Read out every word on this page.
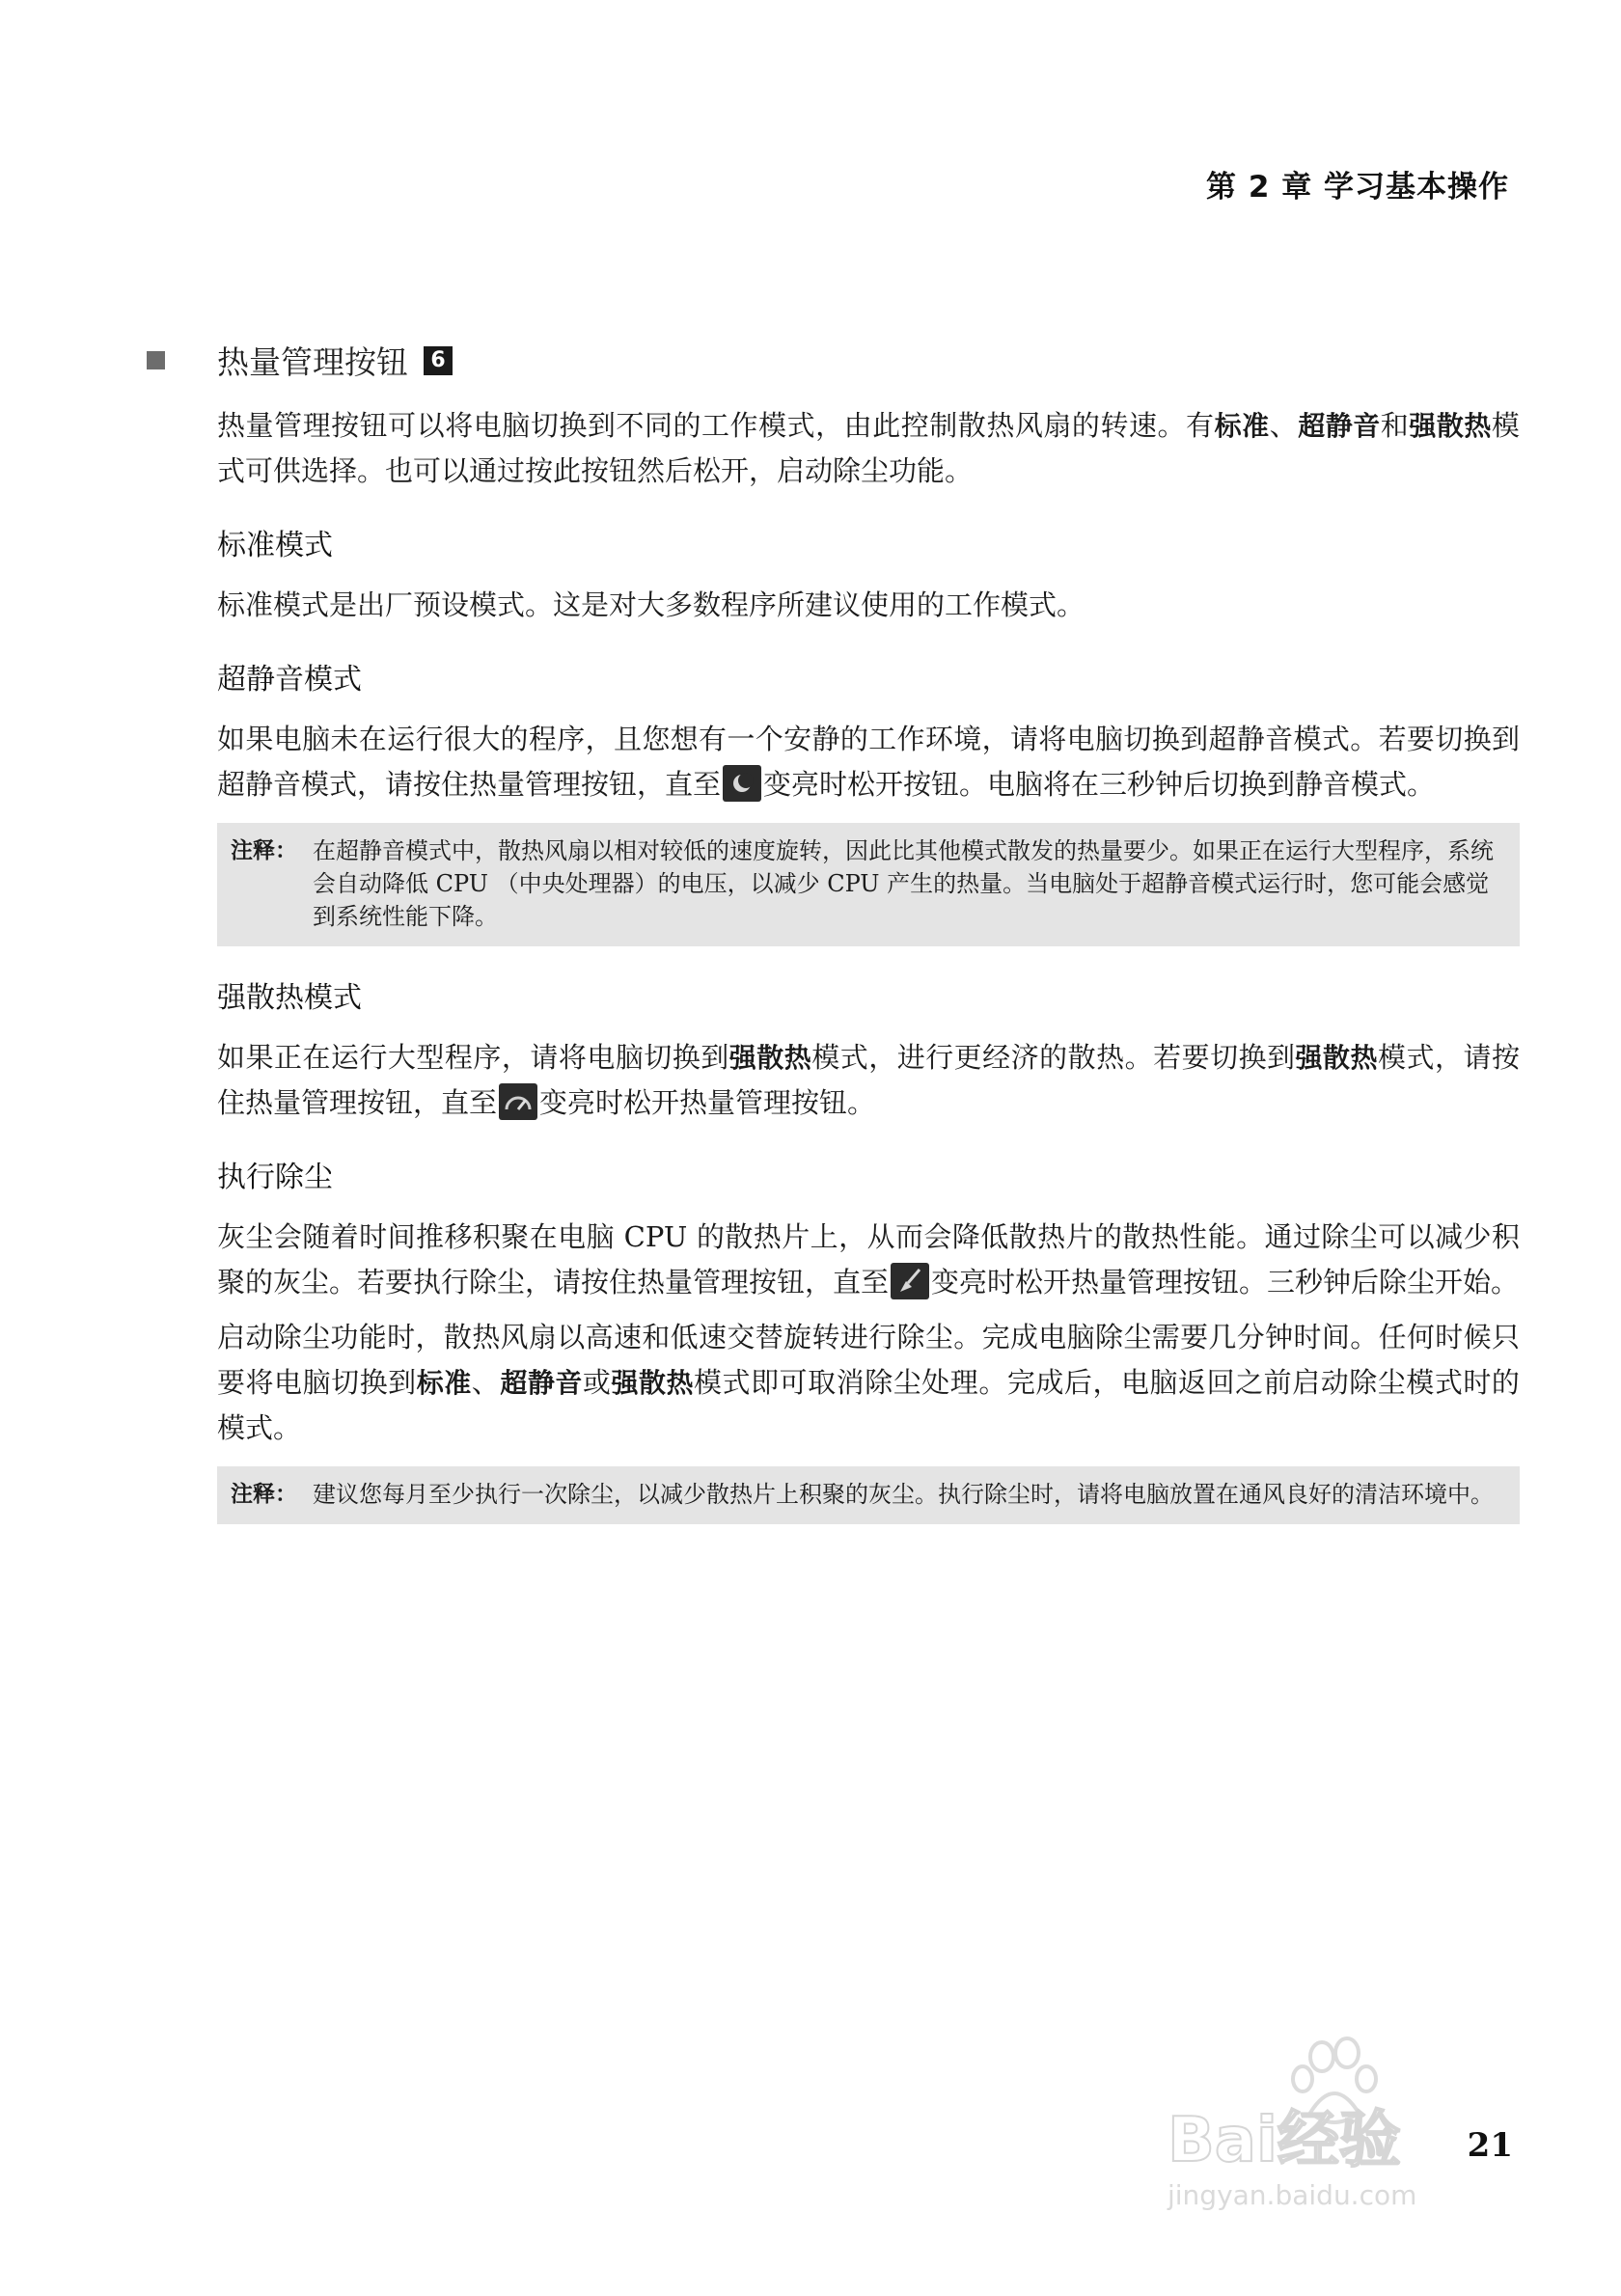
第 2 章 学习基本操作
热量管理按钮	6

热量管理按钮可以将电脑切换到不同的工作模式，由此控制散热风扇的转速。有标准、超静音和强散热模式可供选择。也可以通过按此按钮然后松开，启动除尘功能。

标准模式

标准模式是出厂预设模式。这是对大多数程序所建议使用的工作模式。

超静音模式

如果电脑未在运行很大的程序，且您想有一个安静的工作环境，请将电脑切换到超静音模式。若要切换到超静音模式，请按住热量管理按钮，直至 变亮时松开按钮。电脑将在三秒钟后切换到静音模式。

注释： 在超静音模式中，散热风扇以相对较低的速度旋转，因此比其他模式散发的热量要少。如果正在运行大型程序，系统会自动降低 CPU （中央处理器）的电压，以减少 CPU 产生的热量。当电脑处于超静音模式运行时，您可能会感觉到系统性能下降。
强散热模式

如果正在运行大型程序，请将电脑切换到强散热模式，进行更经济的散热。若要切换到强散热模式，请按住热量管理按钮，直至 变亮时松开热量管理按钮。

执行除尘

灰尘会随着时间推移积聚在电脑 CPU 的散热片上，从而会降低散热片的散热性能。通过除尘可以减少积聚的灰尘。若要执行除尘，请按住热量管理按钮，直至 变亮时松开热量管理按钮。三秒钟后除尘开始。

启动除尘功能时，散热风扇以高速和低速交替旋转进行除尘。完成电脑除尘需要几分钟时间。任何时候只要将电脑切换到标准、超静音或强散热模式即可取消除尘处理。完成后，电脑返回之前启动除尘模式时的模式。

注释： 建议您每月至少执行一次除尘，以减少散热片上积聚的灰尘。执行除尘时，请将电脑放置在通风良好的清洁环境中。
Bai经验
jingyan.baidu.com
21
